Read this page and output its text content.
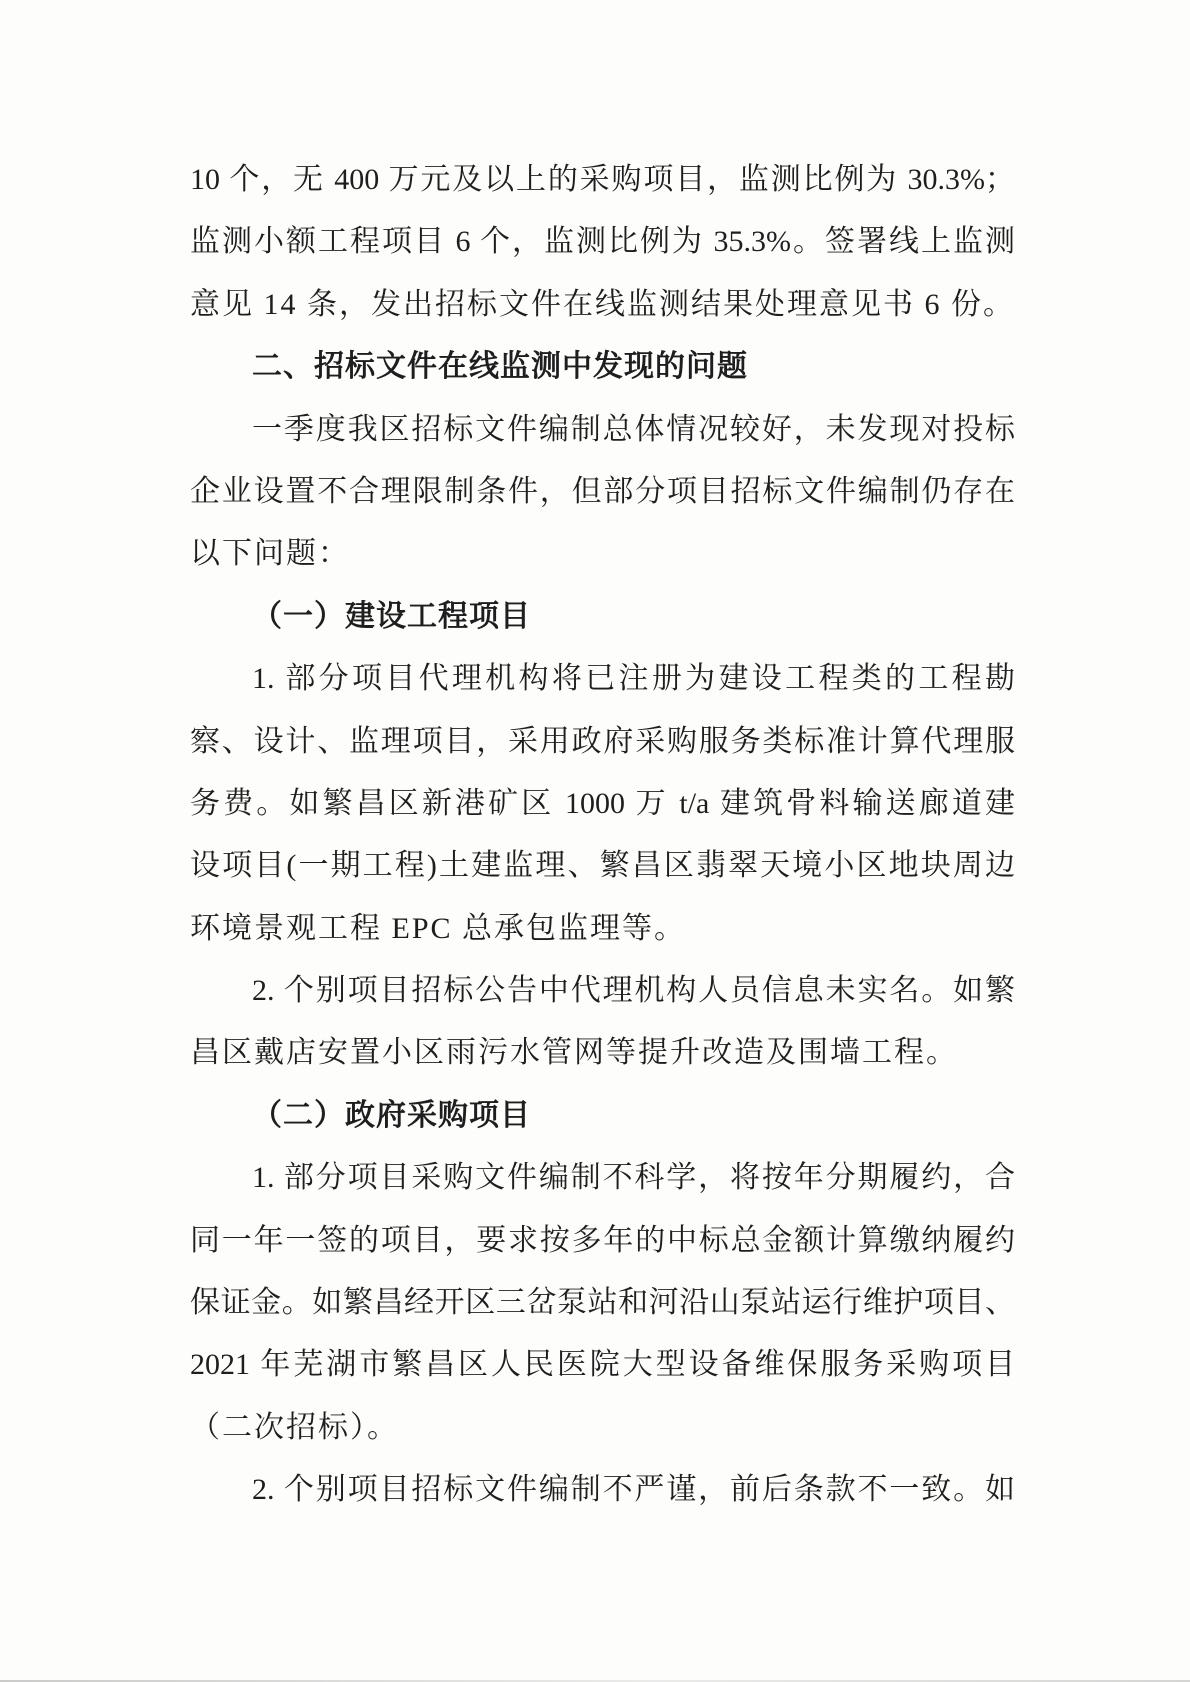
10 个，无 400 万元及以上的采购项目，监测比例为 30.3%；
监测小额工程项目 6 个，监测比例为 35.3%。签署线上监测
意见 14 条，发出招标文件在线监测结果处理意见书 6 份。
二、招标文件在线监测中发现的问题
一季度我区招标文件编制总体情况较好，未发现对投标
企业设置不合理限制条件，但部分项目招标文件编制仍存在
以下问题：
（一）建设工程项目
1. 部分项目代理机构将已注册为建设工程类的工程勘
察、设计、监理项目，采用政府采购服务类标准计算代理服
务费。如繁昌区新港矿区 1000 万 t/a 建筑骨料输送廊道建
设项目(一期工程)土建监理、繁昌区翡翠天境小区地块周边
环境景观工程 EPC 总承包监理等。
2. 个别项目招标公告中代理机构人员信息未实名。如繁
昌区戴店安置小区雨污水管网等提升改造及围墙工程。
（二）政府采购项目
1. 部分项目采购文件编制不科学，将按年分期履约，合
同一年一签的项目，要求按多年的中标总金额计算缴纳履约
保证金。如繁昌经开区三岔泵站和河沿山泵站运行维护项目、
2021 年芜湖市繁昌区人民医院大型设备维保服务采购项目
（二次招标）。
2. 个别项目招标文件编制不严谨，前后条款不一致。如
